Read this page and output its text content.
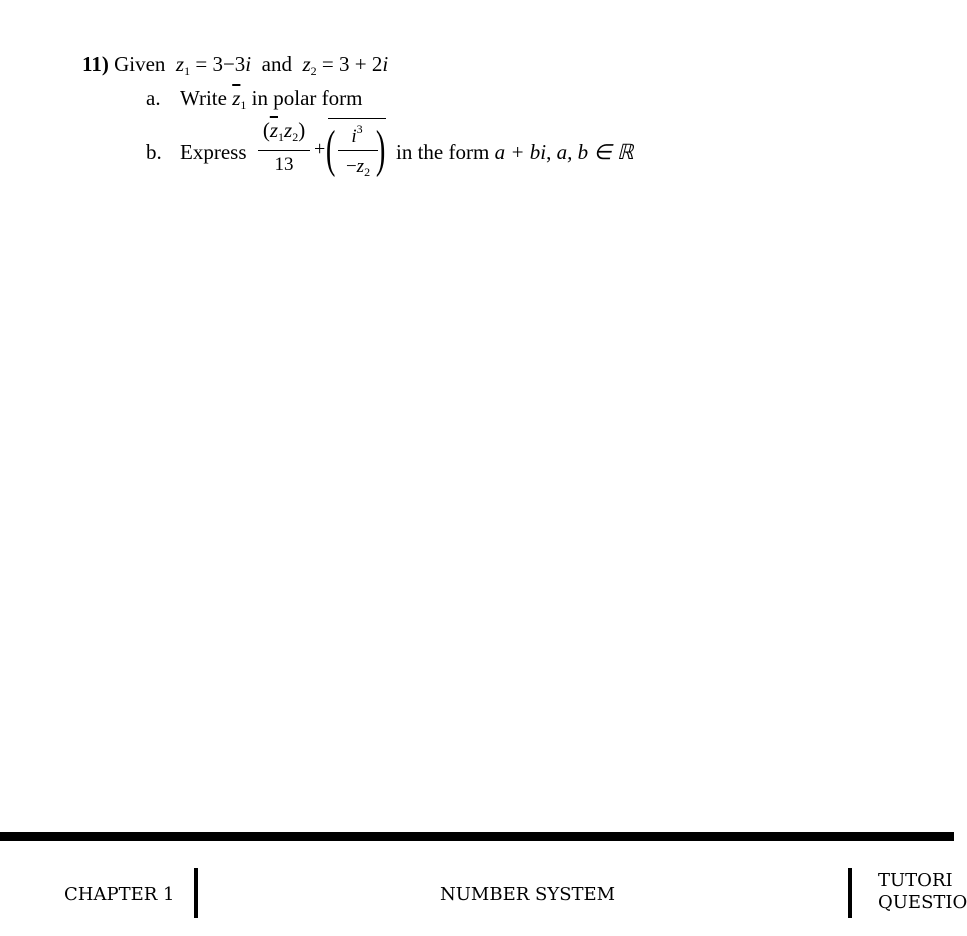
11) Given $z_1 = 3-3i$ and $z_2 = 3 + 2i$
a. Write $\overline{z}_1$ in polar form
b. Express
$(\overline{z}_1z_2)$
13
+ ( $i^3$
$-z_2$ ) in the form a + bi, a, b ∈ ℝ
CHAPTER 1	NUMBER SYSTEM
TUTORI
QUESTIO
